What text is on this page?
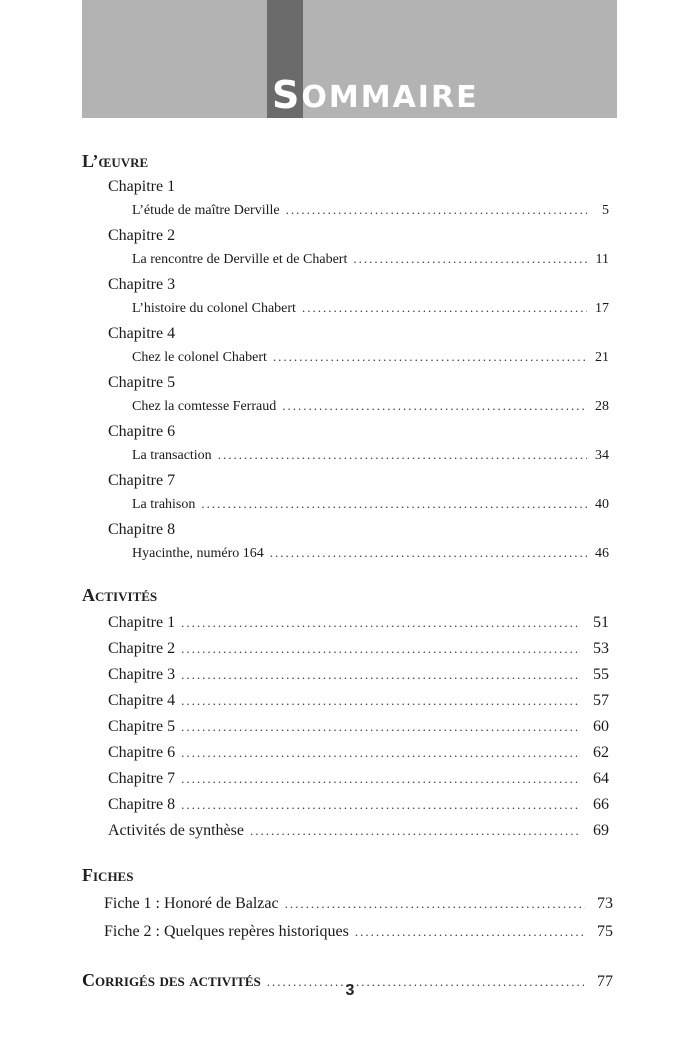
S OMMAIRE
L’œuvre
Chapitre 1
L’étude de maître Derville .....	5
Chapitre 2
La rencontre de Derville et de Chabert .....	11
Chapitre 3
L’histoire du colonel Chabert .....	17
Chapitre 4
Chez le colonel Chabert .....	21
Chapitre 5
Chez la comtesse Ferraud .....	28
Chapitre 6
La transaction .....	34
Chapitre 7
La trahison .....	40
Chapitre 8
Hyacinthe, numéro 164 .....	46
Activités
Chapitre 1 .....	51
Chapitre 2 .....	53
Chapitre 3 .....	55
Chapitre 4 .....	57
Chapitre 5 .....	60
Chapitre 6 .....	62
Chapitre 7 .....	64
Chapitre 8 .....	66
Activités de synthèse .....	69
Fiches
Fiche 1 : Honoré de Balzac .....	73
Fiche 2 : Quelques repères historiques .....	75
Corrigés des activités .....	77
3
